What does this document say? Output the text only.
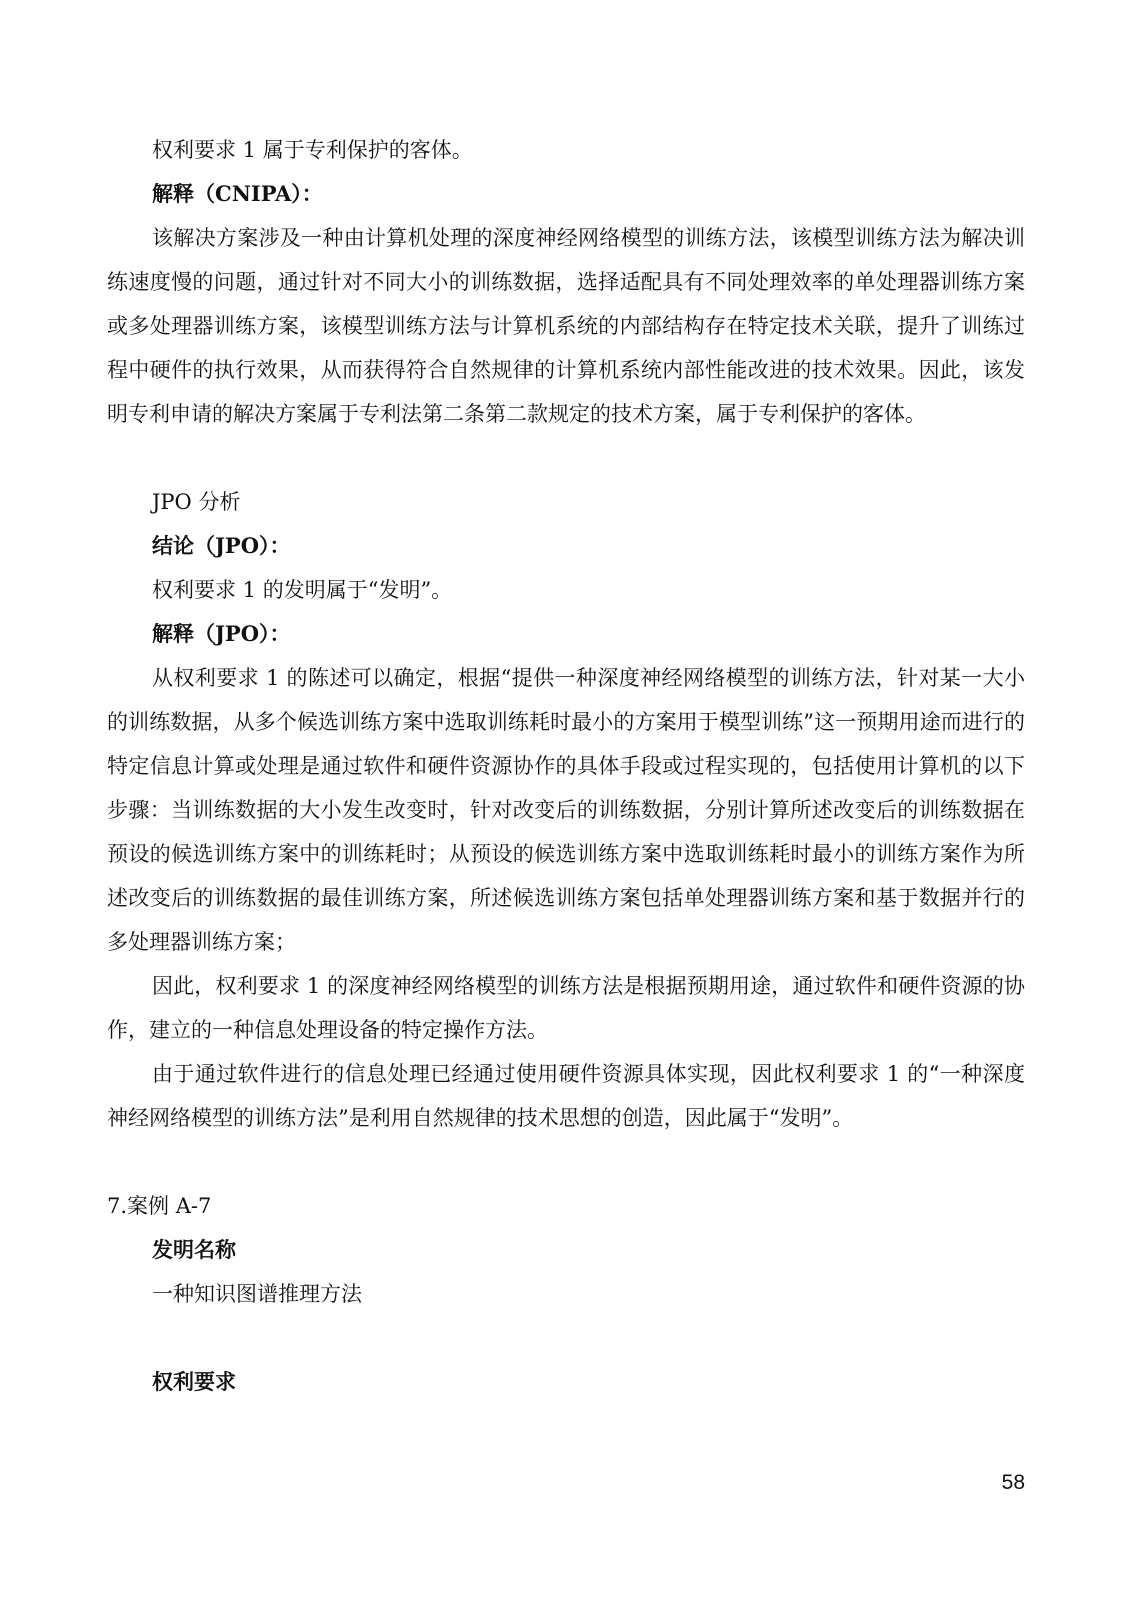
权利要求 1 属于专利保护的客体。
解释（CNIPA）：

该解决方案涉及一种由计算机处理的深度神经网络模型的训练方法，该模型训练方法为解决训练速度慢的问题，通过针对不同大小的训练数据，选择适配具有不同处理效率的单处理器训练方案或多处理器训练方案，该模型训练方法与计算机系统的内部结构存在特定技术关联，提升了训练过程中硬件的执行效果，从而获得符合自然规律的计算机系统内部性能改进的技术效果。因此，该发明专利申请的解决方案属于专利法第二条第二款规定的技术方案，属于专利保护的客体。

JPO 分析
结论（JPO）：
权利要求 1 的发明属于“发明”。
解释（JPO）：

从权利要求 1 的陈述可以确定，根据“提供一种深度神经网络模型的训练方法，针对某一大小的训练数据，从多个候选训练方案中选取训练耗时最小的方案用于模型训练”这一预期用途而进行的特定信息计算或处理是通过软件和硬件资源协作的具体手段或过程实现的，包括使用计算机的以下步骤：当训练数据的大小发生改变时，针对改变后的训练数据，分别计算所述改变后的训练数据在预设的候选训练方案中的训练耗时；从预设的候选训练方案中选取训练耗时最小的训练方案作为所述改变后的训练数据的最佳训练方案，所述候选训练方案包括单处理器训练方案和基于数据并行的多处理器训练方案；

因此，权利要求 1 的深度神经网络模型的训练方法是根据预期用途，通过软件和硬件资源的协作，建立的一种信息处理设备的特定操作方法。

由于通过软件进行的信息处理已经通过使用硬件资源具体实现，因此权利要求 1 的“一种深度神经网络模型的训练方法”是利用自然规律的技术思想的创造，因此属于“发明”。

7.案例 A-7
发明名称
一种知识图谱推理方法
权利要求
58
